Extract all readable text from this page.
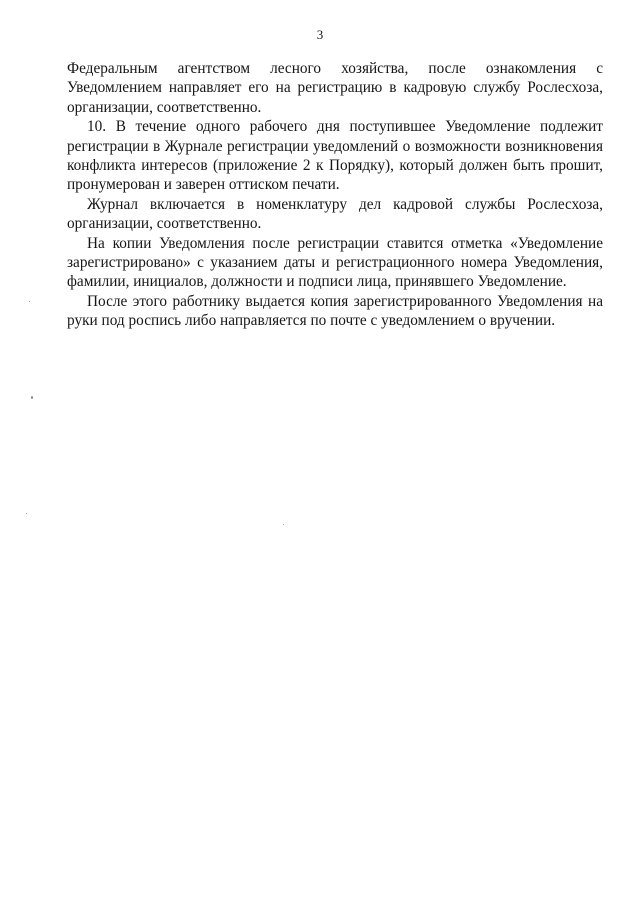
3

Федеральным агентством лесного хозяйства, после ознакомления с Уведомлением направляет его на регистрацию в кадровую службу Рослесхоза, организации, соответственно.

10. В течение одного рабочего дня поступившее Уведомление подлежит регистрации в Журнале регистрации уведомлений о возможности возникновения конфликта интересов (приложение 2 к Порядку), который должен быть прошит, пронумерован и заверен оттиском печати.

Журнал включается в номенклатуру дел кадровой службы Рослесхоза, организации, соответственно.

На копии Уведомления после регистрации ставится отметка «Уведомление зарегистрировано» с указанием даты и регистрационного номера Уведомления, фамилии, инициалов, должности и подписи лица, принявшего Уведомление.

После этого работнику выдается копия зарегистрированного Уведомления на руки под роспись либо направляется по почте с уведомлением о вручении.
